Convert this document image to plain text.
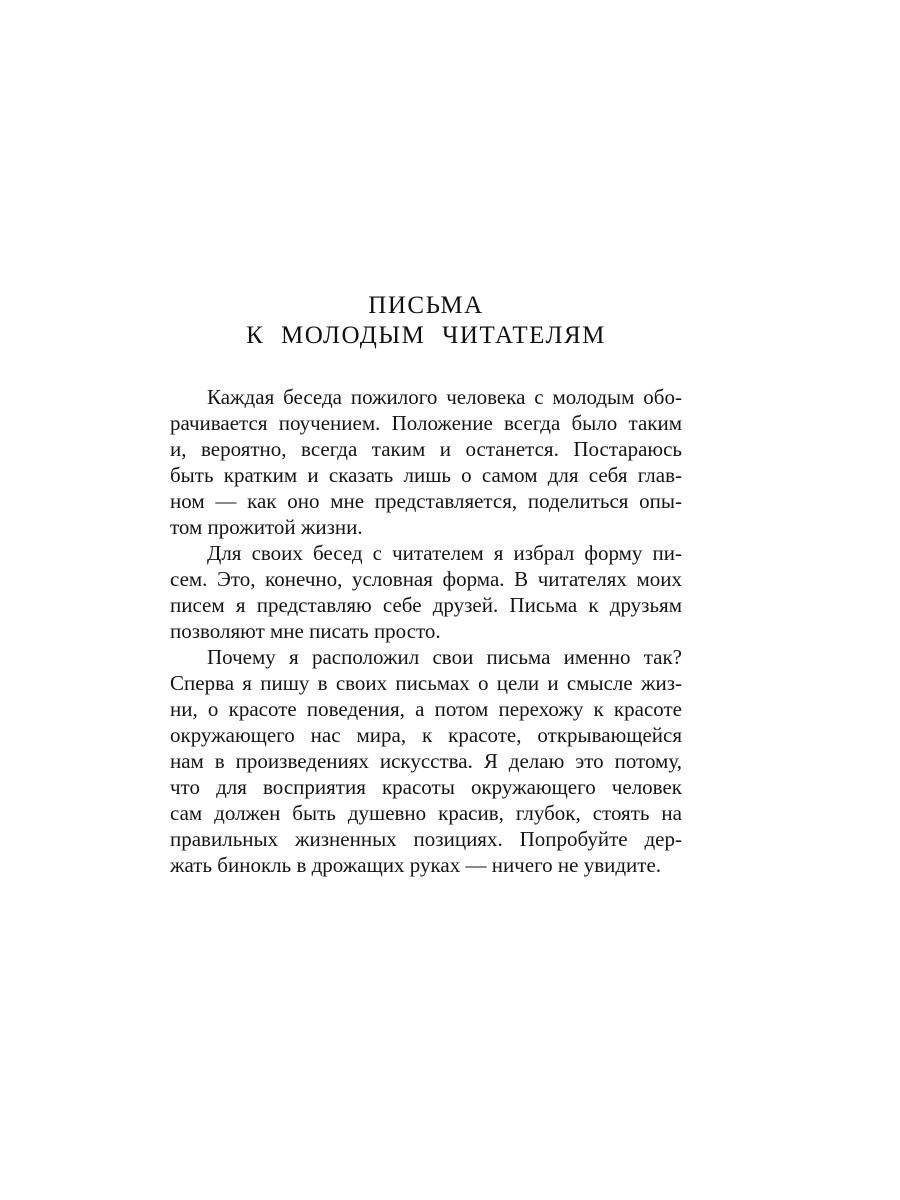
ПИСЬМА
К МОЛОДЫМ ЧИТАТЕЛЯМ
Каждая беседа пожилого человека с молодым обо-
рачивается поучением. Положение всегда было таким
и, вероятно, всегда таким и останется. Постараюсь
быть кратким и сказать лишь о самом для себя глав-
ном — как оно мне представляется, поделиться опы-
том прожитой жизни.
Для своих бесед с читателем я избрал форму пи-
сем. Это, конечно, условная форма. В читателях моих
писем я представляю себе друзей. Письма к друзьям
позволяют мне писать просто.
Почему я расположил свои письма именно так?
Сперва я пишу в своих письмах о цели и смысле жиз-
ни, о красоте поведения, а потом перехожу к красоте
окружающего нас мира, к красоте, открывающейся
нам в произведениях искусства. Я делаю это потому,
что для восприятия красоты окружающего человек
сам должен быть душевно красив, глубок, стоять на
правильных жизненных позициях. Попробуйте дер-
жать бинокль в дрожащих руках — ничего не увидите.
